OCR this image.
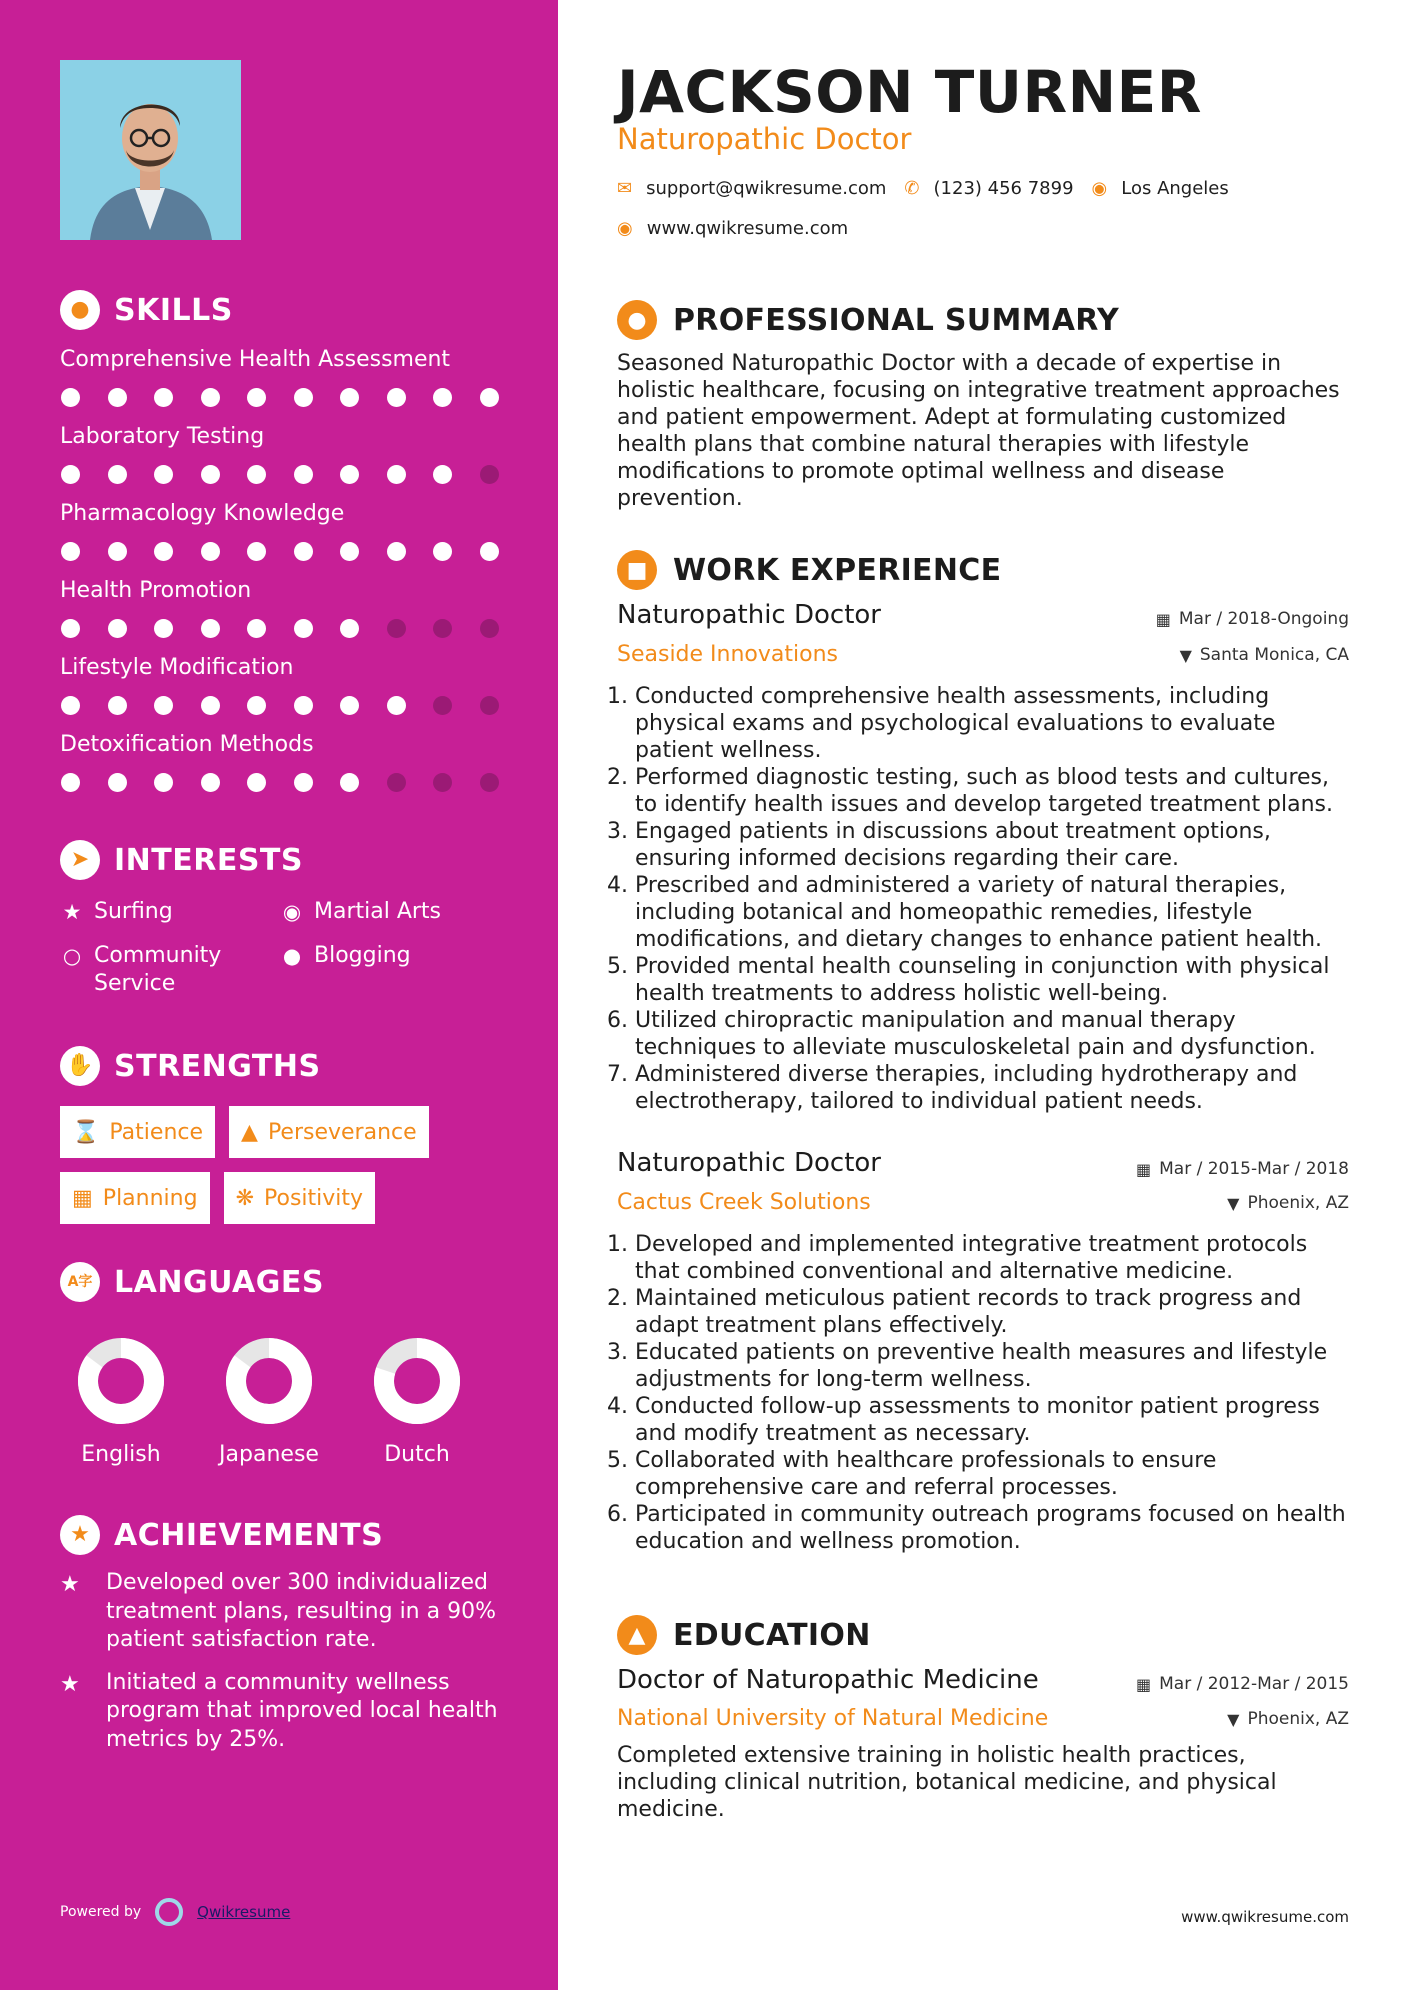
● SKILLS
Comprehensive Health Assessment
Laboratory Testing
Pharmacology Knowledge
Health Promotion
Lifestyle Modification
Detoxification Methods
➤ INTERESTS
★ Surfing	◉ Martial Arts
○ Community Service
● Blogging
✋ STRENGTHS
⌛ Patience ▲ Perseverance
▦ Planning ❋ Positivity
A字 LANGUAGES
English	Japanese	Dutch
★ ACHIEVEMENTS
★	Developed over 300 individualized treatment plans, resulting in a 90% patient satisfaction rate.
★	Initiated a community wellness program that improved local health metrics by 25%.
Powered by	Qwikresume
JACKSON TURNER
Naturopathic Doctor
✉ support@qwikresume.com ✆ (123) 456 7899 ◉ Los Angeles
◉ www.qwikresume.com
● PROFESSIONAL SUMMARY

Seasoned Naturopathic Doctor with a decade of expertise in holistic healthcare, focusing on integrative treatment approaches and patient empowerment. Adept at formulating customized health plans that combine natural therapies with lifestyle modifications to promote optimal wellness and disease prevention.

■ WORK EXPERIENCE
Naturopathic Doctor	▦ Mar / 2018-Ongoing
Seaside Innovations	▼ Santa Monica, CA
1. Conducted comprehensive health assessments, including physical exams and psychological evaluations to evaluate patient wellness.
2. Performed diagnostic testing, such as blood tests and cultures, to identify health issues and develop targeted treatment plans.
3. Engaged patients in discussions about treatment options, ensuring informed decisions regarding their care.
4. Prescribed and administered a variety of natural therapies, including botanical and homeopathic remedies, lifestyle modifications, and dietary changes to enhance patient health.
5. Provided mental health counseling in conjunction with physical health treatments to address holistic well-being.
6. Utilized chiropractic manipulation and manual therapy techniques to alleviate musculoskeletal pain and dysfunction.
7. Administered diverse therapies, including hydrotherapy and electrotherapy, tailored to individual patient needs.
Naturopathic Doctor	▦ Mar / 2015-Mar / 2018
Cactus Creek Solutions	▼ Phoenix, AZ
1. Developed and implemented integrative treatment protocols that combined conventional and alternative medicine.
2. Maintained meticulous patient records to track progress and adapt treatment plans effectively.
3. Educated patients on preventive health measures and lifestyle adjustments for long-term wellness.
4. Conducted follow-up assessments to monitor patient progress and modify treatment as necessary.
5. Collaborated with healthcare professionals to ensure comprehensive care and referral processes.
6. Participated in community outreach programs focused on health education and wellness promotion.
▲ EDUCATION
Doctor of Naturopathic Medicine	▦ Mar / 2012-Mar / 2015
National University of Natural Medicine	▼ Phoenix, AZ

Completed extensive training in holistic health practices, including clinical nutrition, botanical medicine, and physical medicine.

www.qwikresume.com
